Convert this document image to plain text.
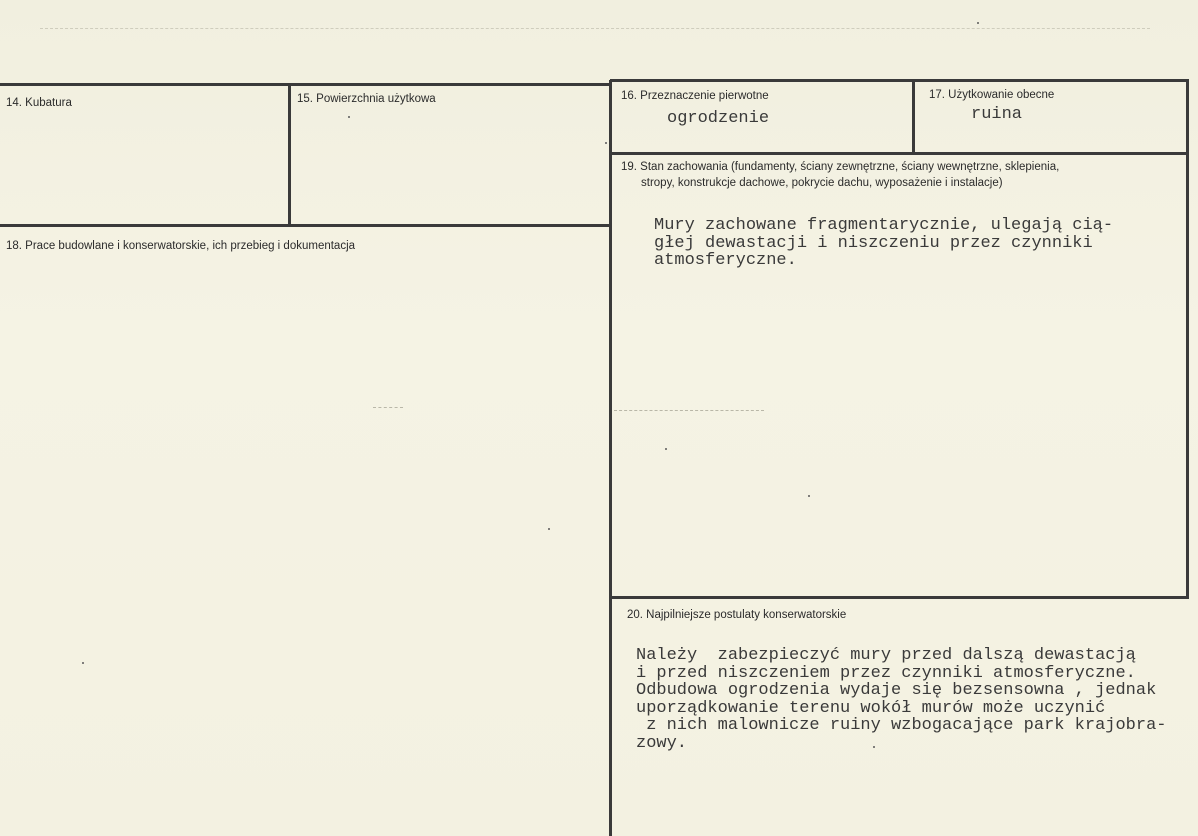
14. Kubatura	15. Powierzchnia użytkowa	16. Przeznaczenie pierwotne
ogrodzenie
17. Użytkowanie obecne
ruina
18. Prace budowlane i konserwatorskie, ich przebieg i dokumentacja
19. Stan zachowania (fundamenty, ściany zewnętrzne, ściany wewnętrzne, sklepienia,
stropy, konstrukcje dachowe, pokrycie dachu, wyposażenie i instalacje)
Mury zachowane fragmentarycznie, ulegają cią-
głej dewastacji i niszczeniu przez czynniki
atmosferyczne.
20. Najpilniejsze postulaty konserwatorskie
Należy  zabezpieczyć mury przed dalszą dewastacją
i przed niszczeniem przez czynniki atmosferyczne.
Odbudowa ogrodzenia wydaje się bezsensowna , jednak
uporządkowanie terenu wokół murów może uczynić
z nich malownicze ruiny wzbogacające park krajobra-
zowy.
